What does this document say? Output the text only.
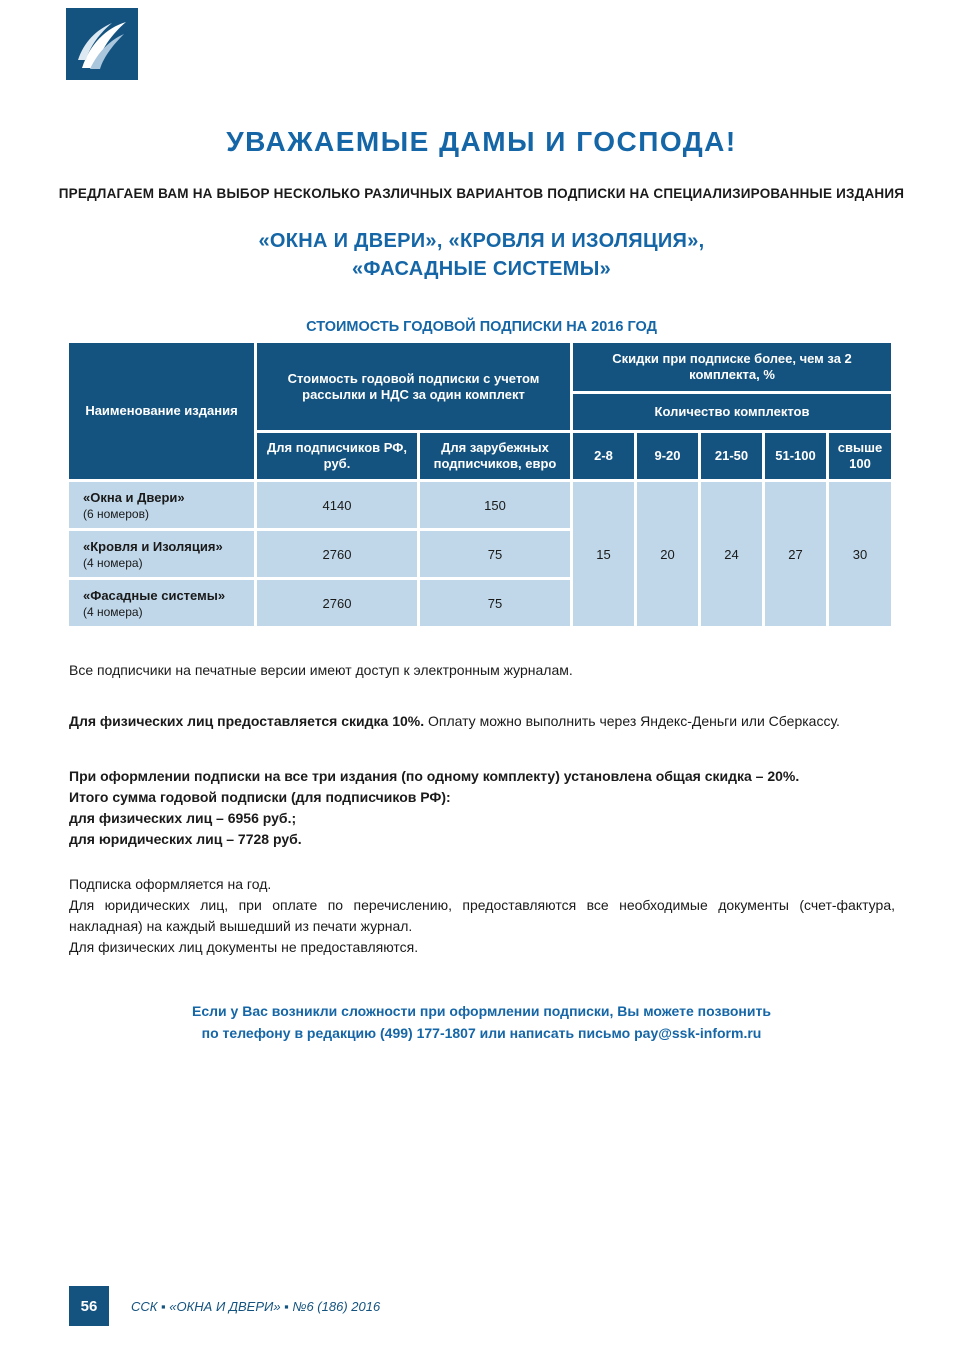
УВАЖАЕМЫЕ ДАМЫ И ГОСПОДА!
ПРЕДЛАГАЕМ ВАМ НА ВЫБОР НЕСКОЛЬКО РАЗЛИЧНЫХ ВАРИАНТОВ ПОДПИСКИ НА СПЕЦИАЛИЗИРОВАННЫЕ ИЗДАНИЯ
«ОКНА И ДВЕРИ», «КРОВЛЯ И ИЗОЛЯЦИЯ»,
«ФАСАДНЫЕ СИСТЕМЫ»
СТОИМОСТЬ ГОДОВОЙ ПОДПИСКИ НА 2016 ГОД
Наименование издания	Стоимость годовой подписки с учетом рассылки и НДС за один комплект		Скидки при подписке более, чем за 2 комплекта, %				
			Количество комплектов				
	Для подписчиков РФ, руб.	Для зарубежных подписчиков, евро	2-8	9-20	21-50	51-100	свыше 100

«Окна и Двери»
(6 номеров)	4140	150	15	20	24	27	30

«Кровля и Изоляция»
(4 номера)	2760	75					

«Фасадные системы»
(4 номера)	2760	75					
Все подписчики на печатные версии имеют доступ к электронным журналам.
Для физических лиц предоставляется скидка 10%. Оплату можно выполнить через Яндекс-Деньги или Сберкассу.
При оформлении подписки на все три издания (по одному комплекту) установлена общая скидка – 20%.
Итого сумма годовой подписки (для подписчиков РФ):
для физических лиц – 6956 руб.;
для юридических лиц – 7728 руб.
Подписка оформляется на год.
Для юридических лиц, при оплате по перечислению, предоставляются все необходимые документы (счет-фактура, накладная) на каждый вышедший из печати журнал.
Для физических лиц документы не предоставляются.
Если у Вас возникли сложности при оформлении подписки, Вы можете позвонить
по телефону в редакцию (499) 177-1807 или написать письмо pay@ssk-inform.ru
56	ССК ▪ «ОКНА И ДВЕРИ» ▪ №6 (186) 2016
